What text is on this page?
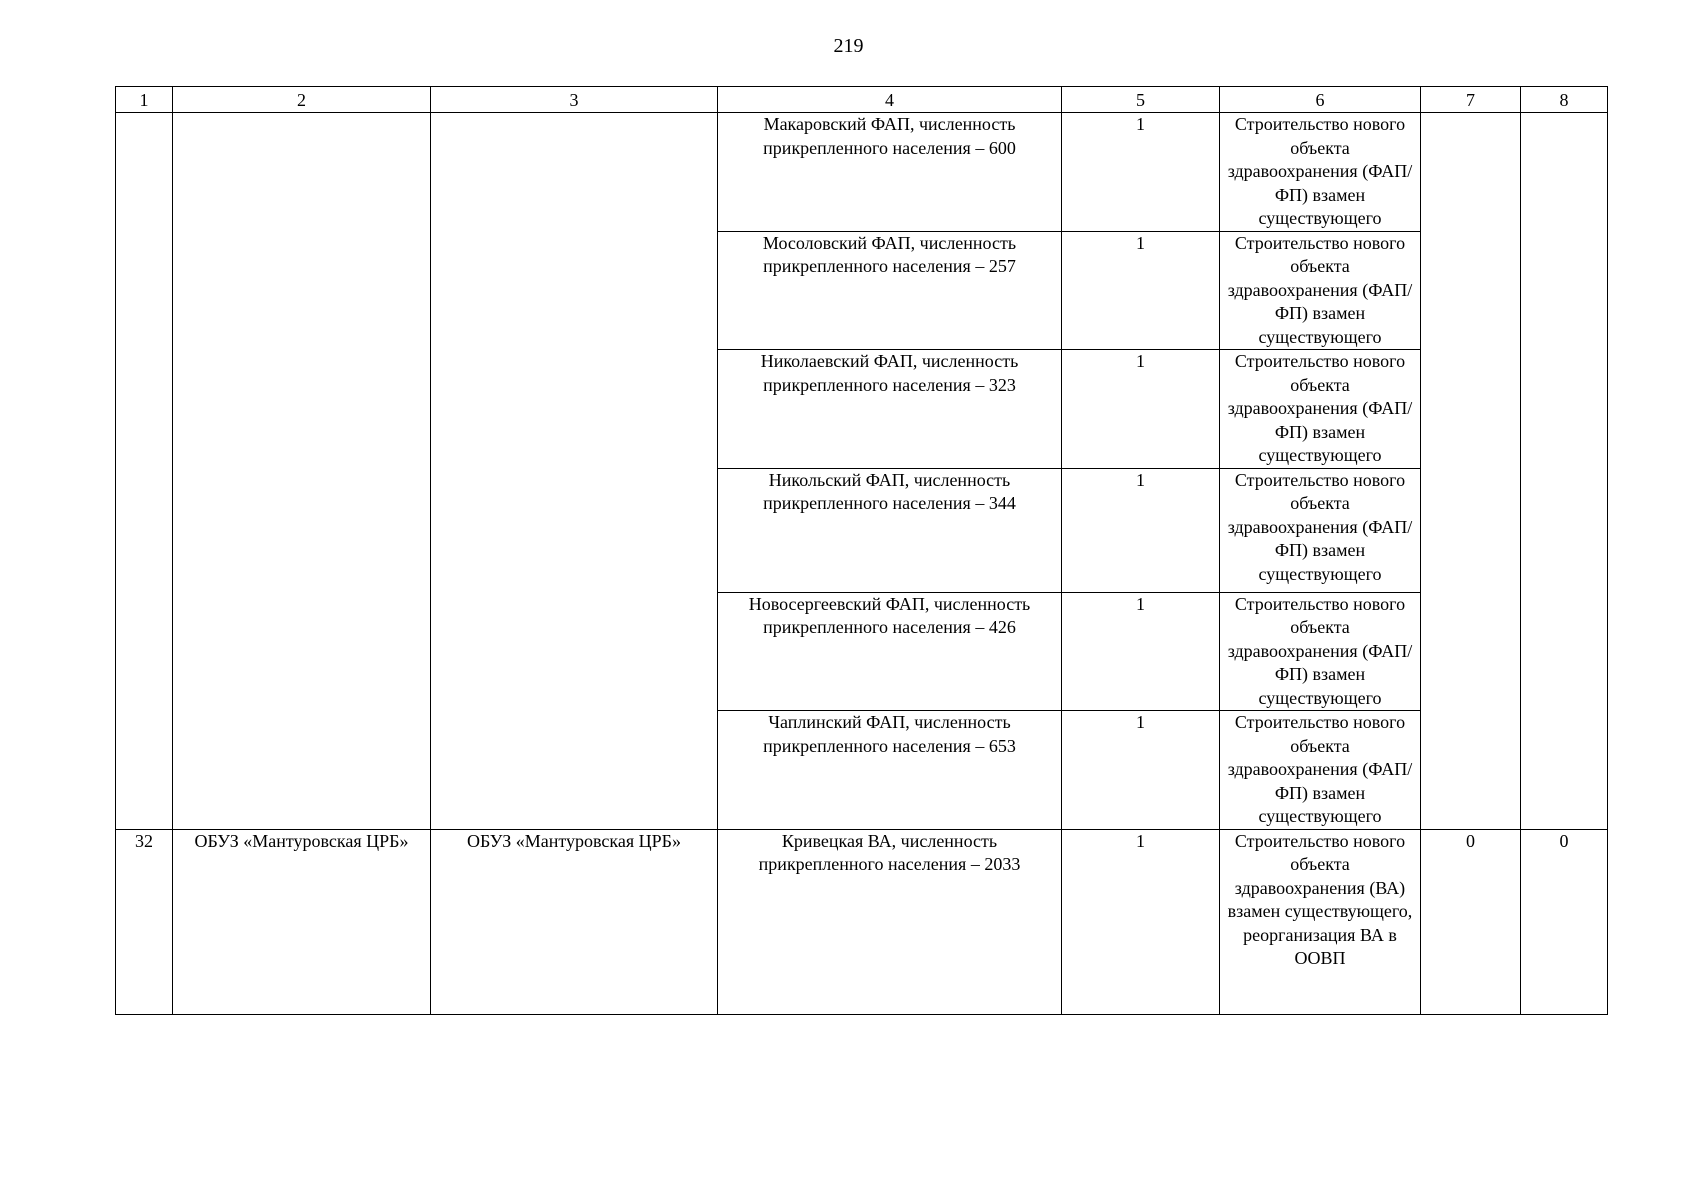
219
1	2	3	4	5	6	7	8
			Макаровский ФАП, численность прикрепленного населения – 600	1	Строительство нового объекта здравоохранения (ФАП/ФП) взамен существующего		
			Мосоловский ФАП, численность прикрепленного населения – 257	1	Строительство нового объекта здравоохранения (ФАП/ФП) взамен существующего		
			Николаевский ФАП, численность прикрепленного населения – 323	1	Строительство нового объекта здравоохранения (ФАП/ФП) взамен существующего		
			Никольский ФАП, численность прикрепленного населения – 344	1	Строительство нового объекта здравоохранения (ФАП/ФП) взамен существующего		
			Новосергеевский ФАП, численность прикрепленного населения – 426	1	Строительство нового объекта здравоохранения (ФАП/ФП) взамен существующего		
			Чаплинский ФАП, численность прикрепленного населения – 653	1	Строительство нового объекта здравоохранения (ФАП/ФП) взамен существующего		
32	ОБУЗ «Мантуровская ЦРБ»	ОБУЗ «Мантуровская ЦРБ»	Кривецкая ВА, численность прикрепленного населения – 2033	1	Строительство нового объекта здравоохранения (ВА) взамен существующего, реорганизация ВА в ООВП	0	0
